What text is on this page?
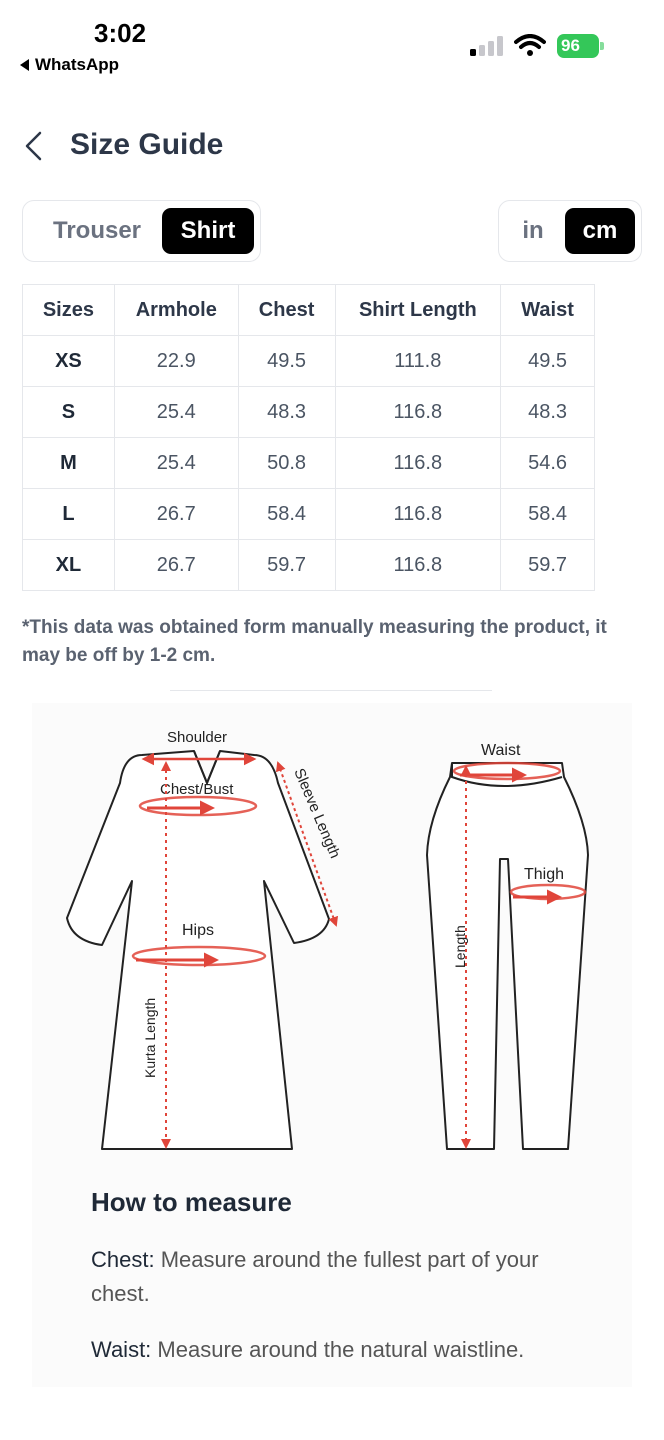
3:02
WhatsApp
96
Size Guide
Trouser	Shirt	in	cm
Sizes	Armhole	Chest	Shirt Length	Waist
XS	22.9	49.5	111.8	49.5
S	25.4	48.3	116.8	48.3
M	25.4	50.8	116.8	54.6
L	26.7	58.4	116.8	58.4
XL	26.7	59.7	116.8	59.7
*This data was obtained form manually measuring the product, it may be off by 1-2 cm.
Shoulder
Chest/Bust	Sleeve Length
Hips
Kurta Length
Waist
Thigh
Length
How to measure
Chest: Measure around the fullest part of your chest.
Waist: Measure around the natural waistline.
